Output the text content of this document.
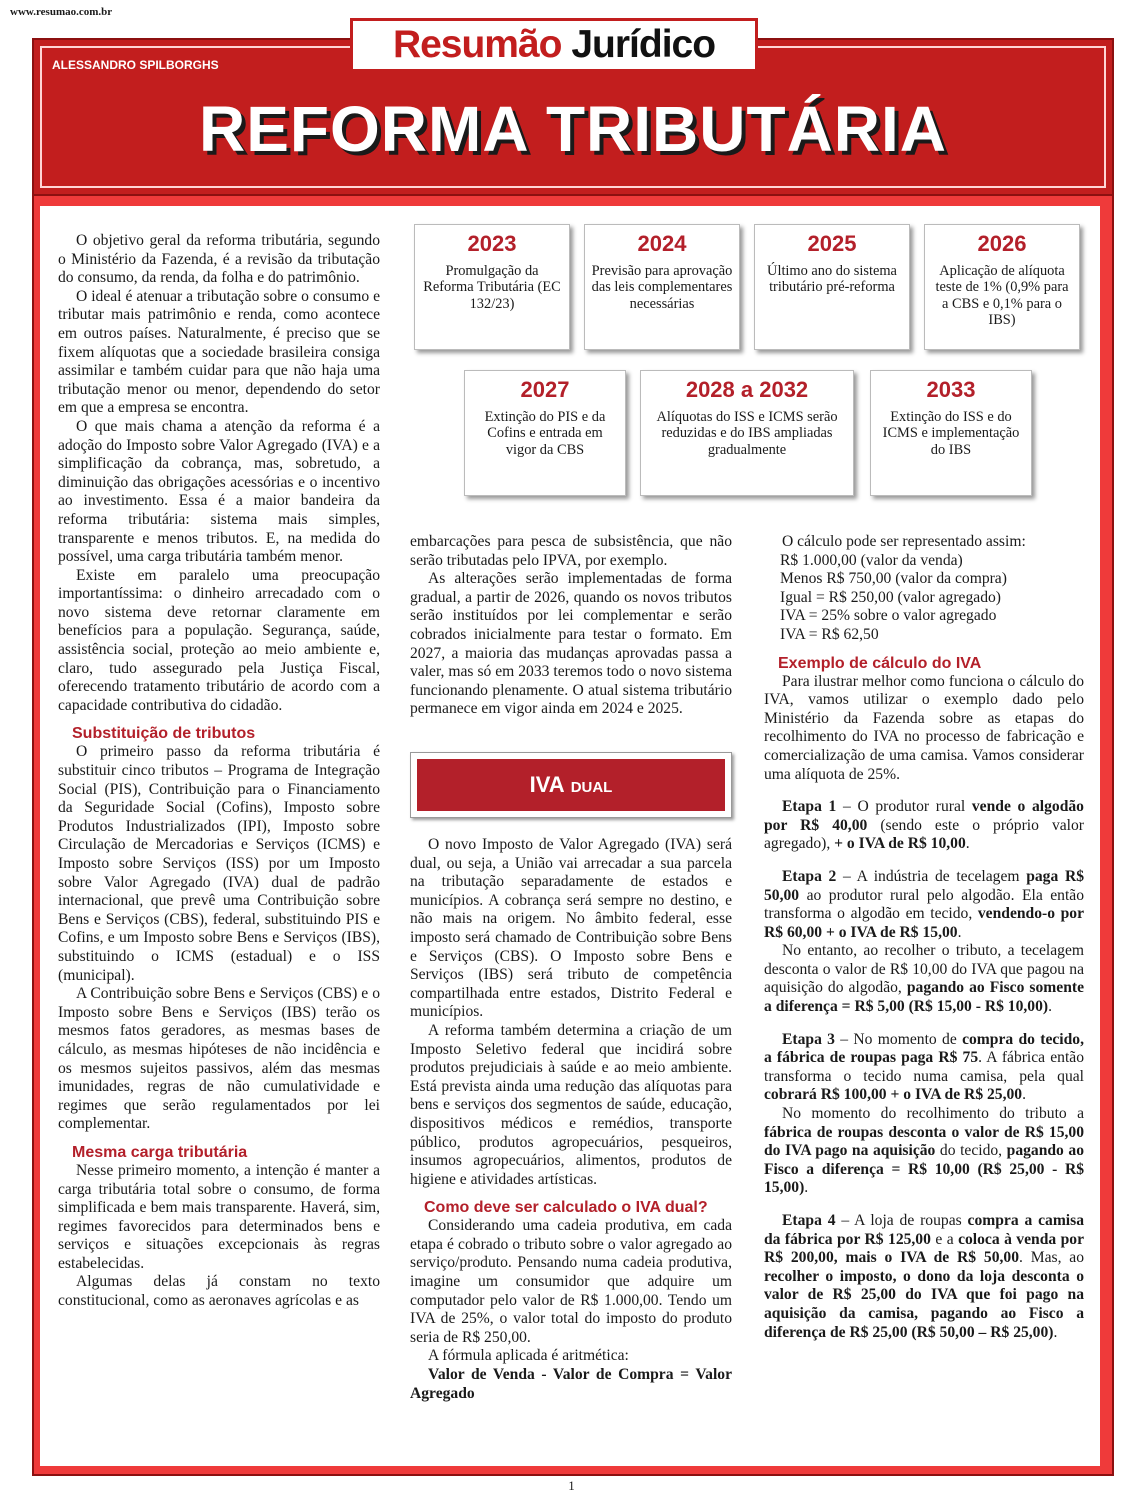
www.resumao.com.br
Resumão Jurídico
ALESSANDRO SPILBORGHS
REFORMA TRIBUTÁRIA
2023
Promulgação da Reforma Tributária (EC 132/23)
2024
Previsão para aprovação das leis complementares necessárias
2025
Último ano do sistema tributário pré-reforma
2026
Aplicação de alíquota teste de 1% (0,9% para a CBS e 0,1% para o IBS)
2027
Extinção do PIS e da Cofins e entrada em vigor da CBS
2028 a 2032
Alíquotas do ISS e ICMS serão reduzidas e do IBS ampliadas gradualmente
2033
Extinção do ISS e do ICMS e implementação do IBS

O objetivo geral da reforma tributária, segundo o Ministério da Fazenda, é a revisão da tributação do consumo, da renda, da folha e do patrimônio.

O ideal é atenuar a tributação sobre o consumo e tributar mais patrimônio e renda, como acontece em outros países. Naturalmente, é preciso que se fixem alíquotas que a sociedade brasileira consiga assimilar e também cuidar para que não haja uma tributação menor ou menor, dependendo do setor em que a empresa se encontra.

O que mais chama a atenção da reforma é a adoção do Imposto sobre Valor Agregado (IVA) e a simplificação da cobrança, mas, sobretudo, a diminuição das obrigações acessórias e o incentivo ao investimento. Essa é a maior bandeira da reforma tributária: sistema mais simples, transparente e menos tributos. E, na medida do possível, uma carga tributária também menor.

Existe em paralelo uma preocupação importantíssima: o dinheiro arrecadado com o novo sistema deve retornar claramente em benefícios para a população. Segurança, saúde, assistência social, proteção ao meio ambiente e, claro, tudo assegurado pela Justiça Fiscal, oferecendo tratamento tributário de acordo com a capacidade contributiva do cidadão.

Substituição de tributos

O primeiro passo da reforma tributária é substituir cinco tributos – Programa de Integração Social (PIS), Contribuição para o Financiamento da Seguridade Social (Cofins), Imposto sobre Produtos Industrializados (IPI), Imposto sobre Circulação de Mercadorias e Serviços (ICMS) e Imposto sobre Serviços (ISS) por um Imposto sobre Valor Agregado (IVA) dual de padrão internacional, que prevê uma Contribuição sobre Bens e Serviços (CBS), federal, substituindo PIS e Cofins, e um Imposto sobre Bens e Serviços (IBS), substituindo o ICMS (estadual) e o ISS (municipal).

A Contribuição sobre Bens e Serviços (CBS) e o Imposto sobre Bens e Serviços (IBS) terão os mesmos fatos geradores, as mesmas bases de cálculo, as mesmas hipóteses de não incidência e os mesmos sujeitos passivos, além das mesmas imunidades, regras de não cumulatividade e regimes que serão regulamentados por lei complementar.

Mesma carga tributária

Nesse primeiro momento, a intenção é manter a carga tributária total sobre o consumo, de forma simplificada e bem mais transparente. Haverá, sim, regimes favorecidos para determinados bens e serviços e situações excepcionais às regras estabelecidas.

Algumas delas já constam no texto constitucional, como as aeronaves agrícolas e as

embarcações para pesca de subsistência, que não serão tributadas pelo IPVA, por exemplo.

As alterações serão implementadas de forma gradual, a partir de 2026, quando os novos tributos serão instituídos por lei complementar e serão cobrados inicialmente para testar o formato. Em 2027, a maioria das mudanças aprovadas passa a valer, mas só em 2033 teremos todo o novo sistema funcionando plenamente. O atual sistema tributário permanece em vigor ainda em 2024 e 2025.

IVA DUAL

O novo Imposto de Valor Agregado (IVA) será dual, ou seja, a União vai arrecadar a sua parcela na tributação separadamente de estados e municípios. A cobrança será sempre no destino, e não mais na origem. No âmbito federal, esse imposto será chamado de Contribuição sobre Bens e Serviços (CBS). O Imposto sobre Bens e Serviços (IBS) será tributo de competência compartilhada entre estados, Distrito Federal e municípios.

A reforma também determina a criação de um Imposto Seletivo federal que incidirá sobre produtos prejudiciais à saúde e ao meio ambiente. Está prevista ainda uma redução das alíquotas para bens e serviços dos segmentos de saúde, educação, dispositivos médicos e remédios, transporte público, produtos agropecuários, pesqueiros, insumos agropecuários, alimentos, produtos de higiene e atividades artísticas.

Como deve ser calculado o IVA dual?

Considerando uma cadeia produtiva, em cada etapa é cobrado o tributo sobre o valor agregado ao serviço/produto. Pensando numa cadeia produtiva, imagine um consumidor que adquire um computador pelo valor de R$ 1.000,00. Tendo um IVA de 25%, o valor total do imposto do produto seria de R$ 250,00.

A fórmula aplicada é aritmética:

Valor de Venda - Valor de Compra = Valor Agregado

O cálculo pode ser representado assim:

R$ 1.000,00 (valor da venda)
Menos R$ 750,00 (valor da compra)
Igual = R$ 250,00 (valor agregado)
IVA = 25% sobre o valor agregado
IVA = R$ 62,50
Exemplo de cálculo do IVA

Para ilustrar melhor como funciona o cálculo do IVA, vamos utilizar o exemplo dado pelo Ministério da Fazenda sobre as etapas do recolhimento do IVA no processo de fabricação e comercialização de uma camisa. Vamos considerar uma alíquota de 25%.

Etapa 1 – O produtor rural vende o algodão por R$ 40,00 (sendo este o próprio valor agregado), + o IVA de R$ 10,00.

Etapa 2 – A indústria de tecelagem paga R$ 50,00 ao produtor rural pelo algodão. Ela então transforma o algodão em tecido, vendendo-o por R$ 60,00 + o IVA de R$ 15,00.

No entanto, ao recolher o tributo, a tecelagem desconta o valor de R$ 10,00 do IVA que pagou na aquisição do algodão, pagando ao Fisco somente a diferença = R$ 5,00 (R$ 15,00 - R$ 10,00).

Etapa 3 – No momento de compra do tecido, a fábrica de roupas paga R$ 75. A fábrica então transforma o tecido numa camisa, pela qual cobrará R$ 100,00 + o IVA de R$ 25,00.

No momento do recolhimento do tributo a fábrica de roupas desconta o valor de R$ 15,00 do IVA pago na aquisição do tecido, pagando ao Fisco a diferença = R$ 10,00 (R$ 25,00 - R$ 15,00).

Etapa 4 – A loja de roupas compra a camisa da fábrica por R$ 125,00 e a coloca à venda por R$ 200,00, mais o IVA de R$ 50,00. Mas, ao recolher o imposto, o dono da loja desconta o valor de R$ 25,00 do IVA que foi pago na aquisição da camisa, pagando ao Fisco a diferença de R$ 25,00 (R$ 50,00 – R$ 25,00).

1
